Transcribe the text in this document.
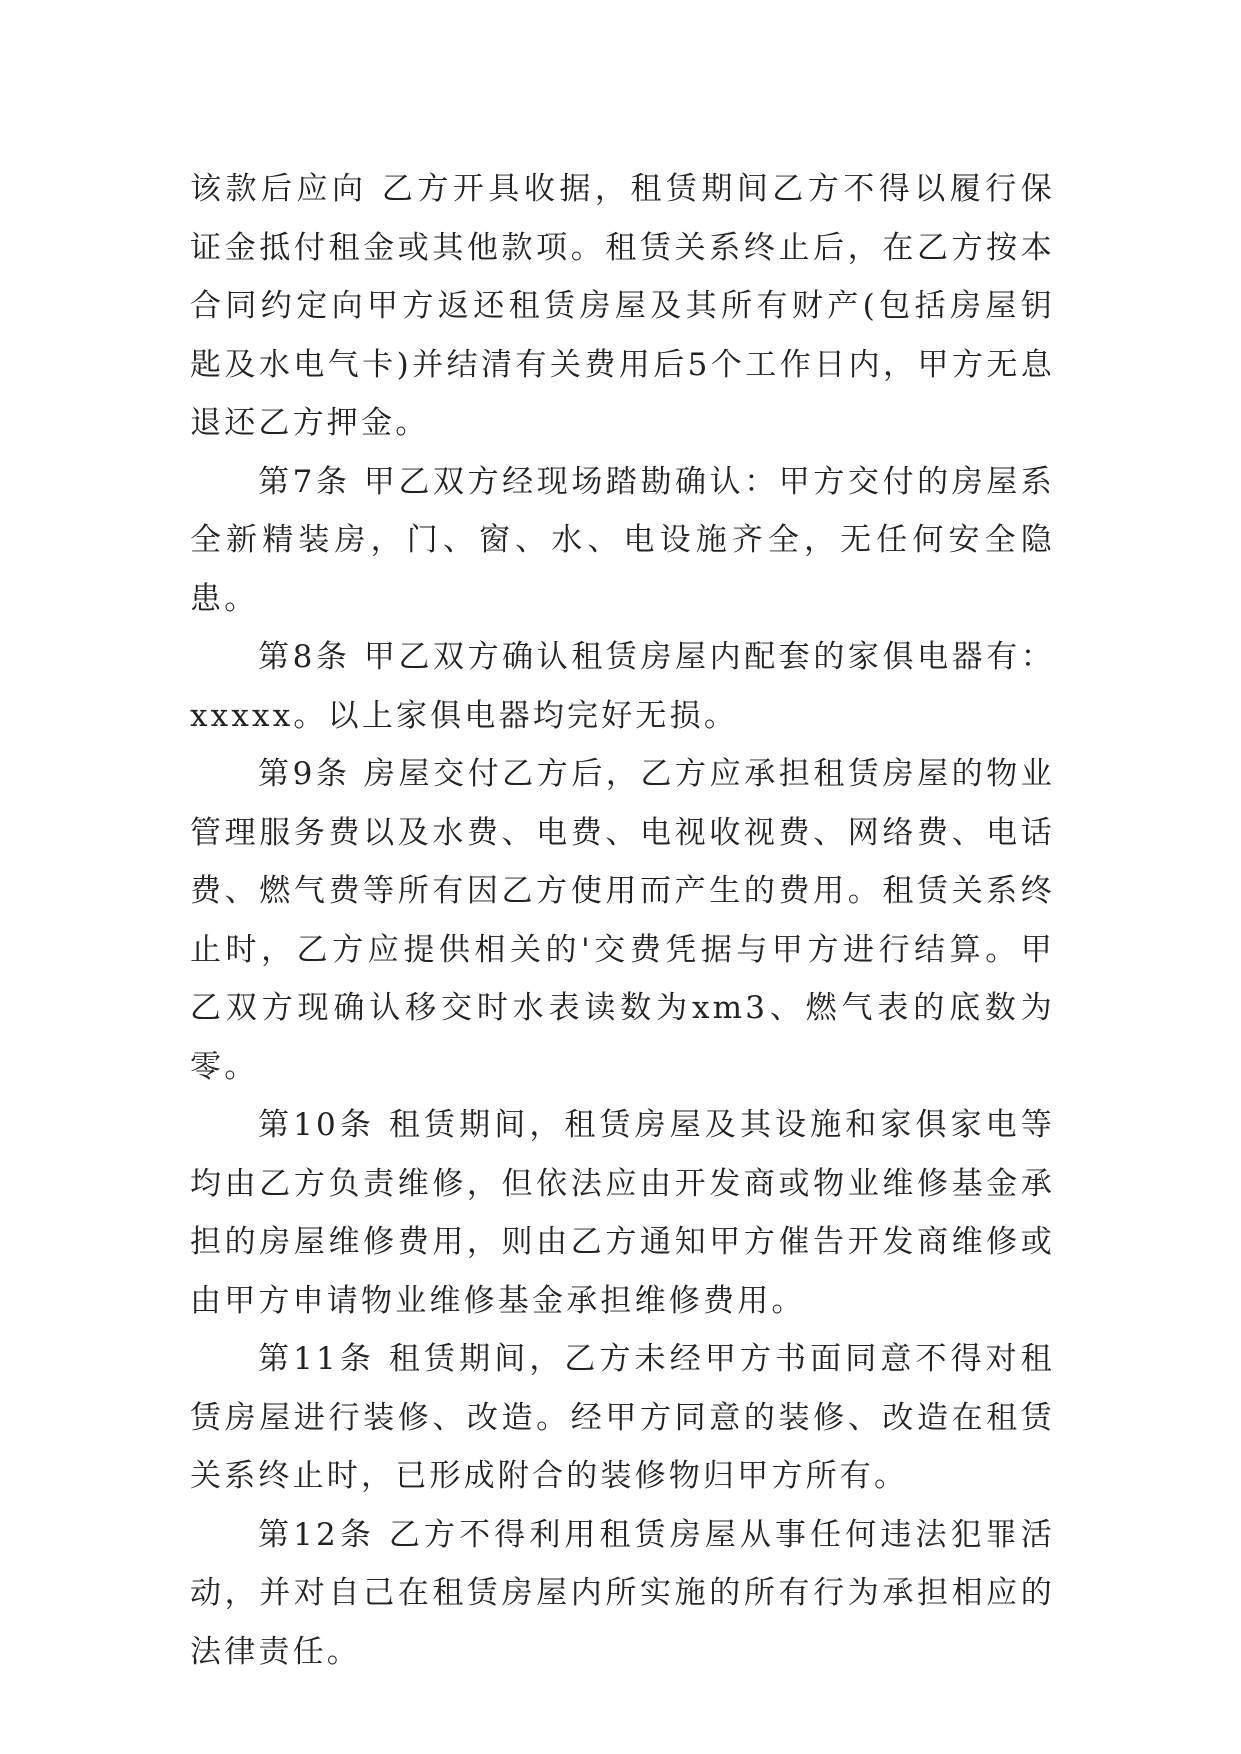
该款后应向 乙方开具收据，租赁期间乙方不得以履行保证金抵付租金或其他款项。租赁关系终止后，在乙方按本合同约定向甲方返还租赁房屋及其所有财产(包括房屋钥匙及水电气卡)并结清有关费用后5个工作日内，甲方无息退还乙方押金。

第7条 甲乙双方经现场踏勘确认：甲方交付的房屋系全新精装房，门、窗、水、电设施齐全，无任何安全隐患。

第8条 甲乙双方确认租赁房屋内配套的家俱电器有：xxxxx。以上家俱电器均完好无损。

第9条 房屋交付乙方后，乙方应承担租赁房屋的物业管理服务费以及水费、电费、电视收视费、网络费、电话费、燃气费等所有因乙方使用而产生的费用。租赁关系终止时，乙方应提供相关的'交费凭据与甲方进行结算。甲乙双方现确认移交时水表读数为xm3、燃气表的底数为零。

第10条 租赁期间，租赁房屋及其设施和家俱家电等均由乙方负责维修，但依法应由开发商或物业维修基金承担的房屋维修费用，则由乙方通知甲方催告开发商维修或由甲方申请物业维修基金承担维修费用。

第11条 租赁期间，乙方未经甲方书面同意不得对租赁房屋进行装修、改造。经甲方同意的装修、改造在租赁关系终止时，已形成附合的装修物归甲方所有。

第12条 乙方不得利用租赁房屋从事任何违法犯罪活动，并对自己在租赁房屋内所实施的所有行为承担相应的法律责任。
